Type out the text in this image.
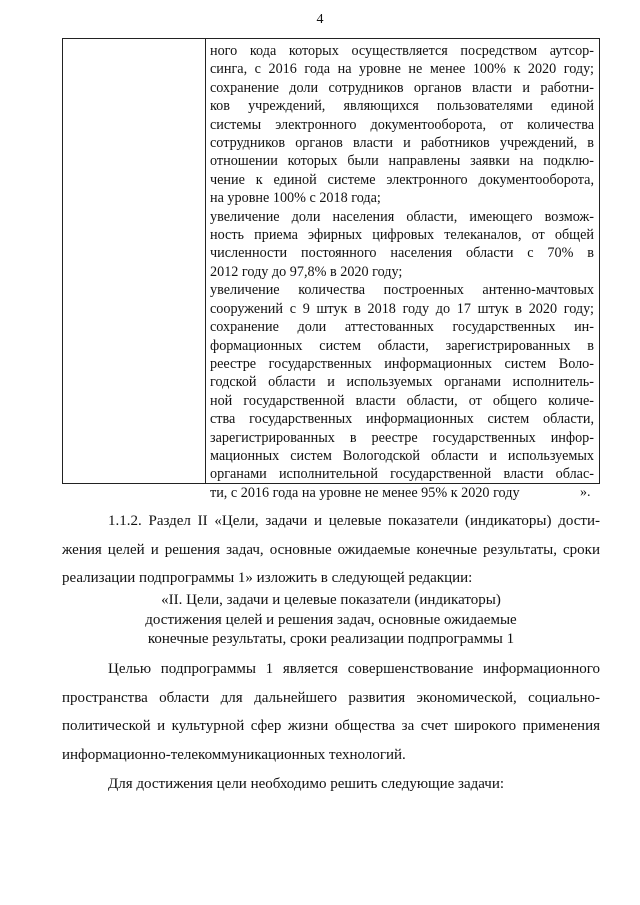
4
ного кода которых осуществляется посредством аутсор-
синга, с 2016 года на уровне не менее 100% к 2020 году;
сохранение доли сотрудников органов власти и работни-
ков учреждений, являющихся пользователями единой
системы электронного документооборота, от количества
сотрудников органов власти и работников учреждений, в
отношении которых были направлены заявки на подклю-
чение к единой системе электронного документооборота,
на уровне 100% с 2018 года;
увеличение доли населения области, имеющего возмож-
ность приема эфирных цифровых телеканалов, от общей
численности постоянного населения области с 70% в
2012 году до 97,8% в 2020 году;
увеличение количества построенных антенно-мачтовых
сооружений с 9 штук в 2018 году до 17 штук в 2020 году;
сохранение доли аттестованных государственных ин-
формационных систем области, зарегистрированных в
реестре государственных информационных систем Воло-
годской области и используемых органами исполнитель-
ной государственной власти области, от общего количе-
ства государственных информационных систем области,
зарегистрированных в реестре государственных инфор-
мационных систем Вологодской области и используемых
органами исполнительной государственной власти облас-
ти, с 2016 года на уровне не менее 95% к 2020 году	».
1.1.2. Раздел II «Цели, задачи и целевые показатели (индикаторы) дости-
жения целей и решения задач, основные ожидаемые конечные результаты, сроки
реализации подпрограммы 1» изложить в следующей редакции:
«II. Цели, задачи и целевые показатели (индикаторы)
достижения целей и решения задач, основные ожидаемые
конечные результаты, сроки реализации подпрограммы 1
Целью подпрограммы 1 является совершенствование информационного
пространства области для дальнейшего развития экономической, социально-
политической и культурной сфер жизни общества за счет широкого применения
информационно-телекоммуникационных технологий.
Для достижения цели необходимо решить следующие задачи:
